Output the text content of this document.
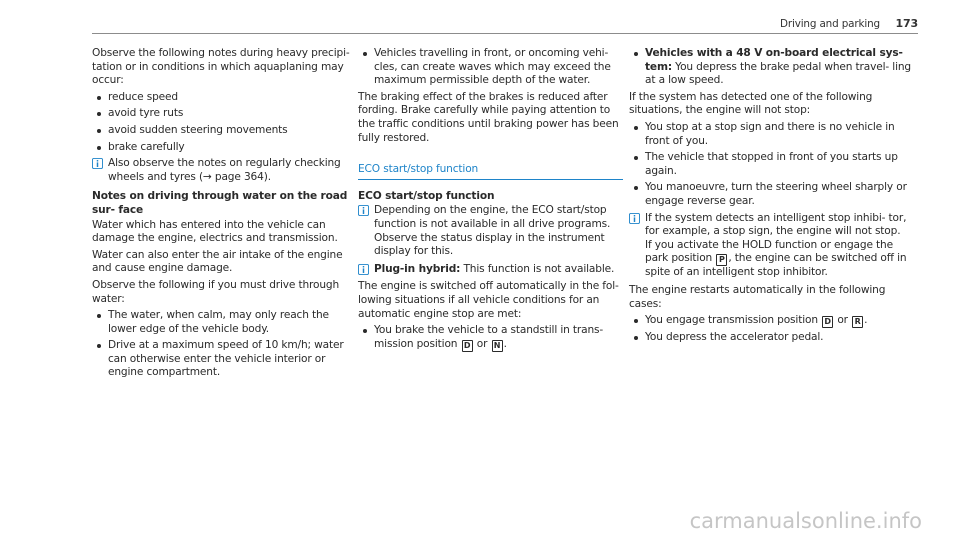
Driving and parking 173

Observe the following notes during heavy precipi- tation or in conditions in which aquaplaning may occur:

reduce speed
avoid tyre ruts
avoid sudden steering movements
brake carefully
Also observe the notes on regularly checking wheels and tyres (→ page 364).
Notes on driving through water on the road sur- face

Water which has entered into the vehicle can damage the engine, electrics and transmission.

Water can also enter the air intake of the engine and cause engine damage.

Observe the following if you must drive through water:

The water, when calm, may only reach the lower edge of the vehicle body.
Drive at a maximum speed of 10 km/h; water can otherwise enter the vehicle interior or engine compartment.
Vehicles travelling in front, or oncoming vehi- cles, can create waves which may exceed the maximum permissible depth of the water.

The braking effect of the brakes is reduced after fording. Brake carefully while paying attention to the traffic conditions until braking power has been fully restored.

ECO start/stop function
ECO start/stop function
Depending on the engine, the ECO start/stop function is not available in all drive programs. Observe the status display in the instrument display for this.
Plug-in hybrid: This function is not available.

The engine is switched off automatically in the fol- lowing situations if all vehicle conditions for an automatic engine stop are met:

You brake the vehicle to a standstill in trans- mission position D or N .
Vehicles with a 48 V on-board electrical sys- tem: You depress the brake pedal when travel- ling at a low speed.

If the system has detected one of the following situations, the engine will not stop:

You stop at a stop sign and there is no vehicle in front of you.
The vehicle that stopped in front of you starts up again.
You manoeuvre, turn the steering wheel sharply or engage reverse gear.
If the system detects an intelligent stop inhibi- tor, for example, a stop sign, the engine will not stop.
If you activate the HOLD function or engage the park position P , the engine can be switched off in spite of an intelligent stop inhibitor.

The engine restarts automatically in the following cases:

You engage transmission position D or R .
You depress the accelerator pedal.
carmanualsonline.info
